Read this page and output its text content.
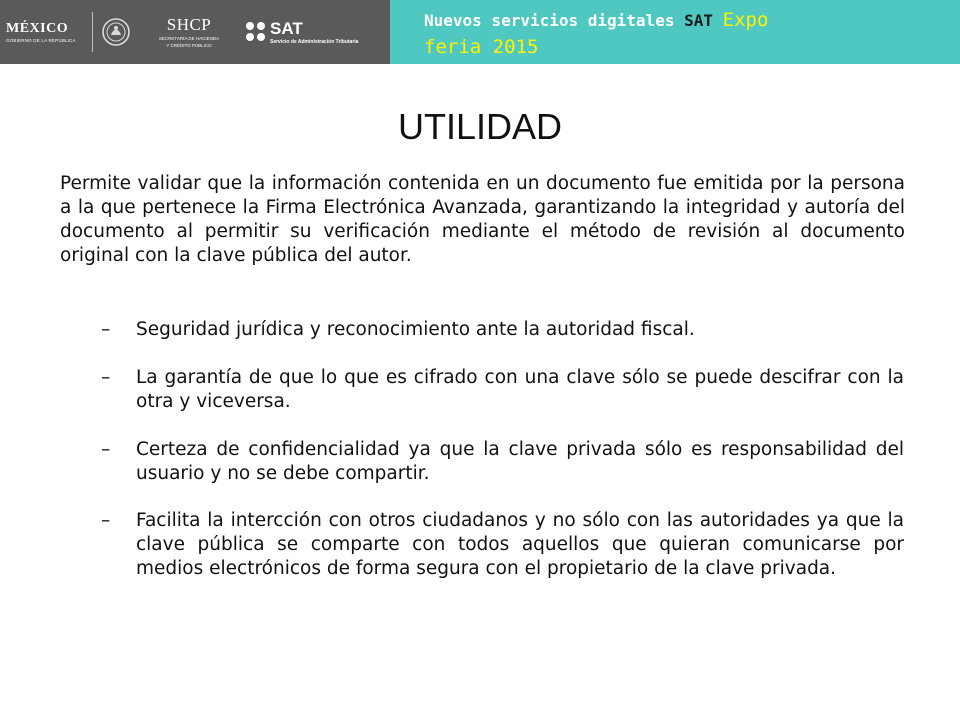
MÉXICO
GOBIERNO DE LA REPÚBLICA
SHCP
SECRETARÍA DE HACIENDA
Y CRÉDITO PÚBLICO
SAT
Servicio de Administración Tributaria
Nuevos servicios digitales SAT Expo
feria 2015
UTILIDAD

Permite validar que la información contenida en un documento fue emitida por la persona a la que pertenece la Firma Electrónica Avanzada, garantizando la integridad y autoría del documento al permitir su verificación mediante el método de revisión al documento original con la clave pública del autor.

–	Seguridad jurídica y reconocimiento ante la autoridad fiscal.
–	La garantía de que lo que es cifrado con una clave sólo se puede descifrar con la otra y viceversa.
–	Certeza de confidencialidad ya que la clave privada sólo es responsabilidad del usuario y no se debe compartir.
–	Facilita la intercción con otros ciudadanos y no sólo con las autoridades ya que la clave pública se comparte con todos aquellos que quieran comunicarse por medios electrónicos de forma segura con el propietario de la clave privada.
